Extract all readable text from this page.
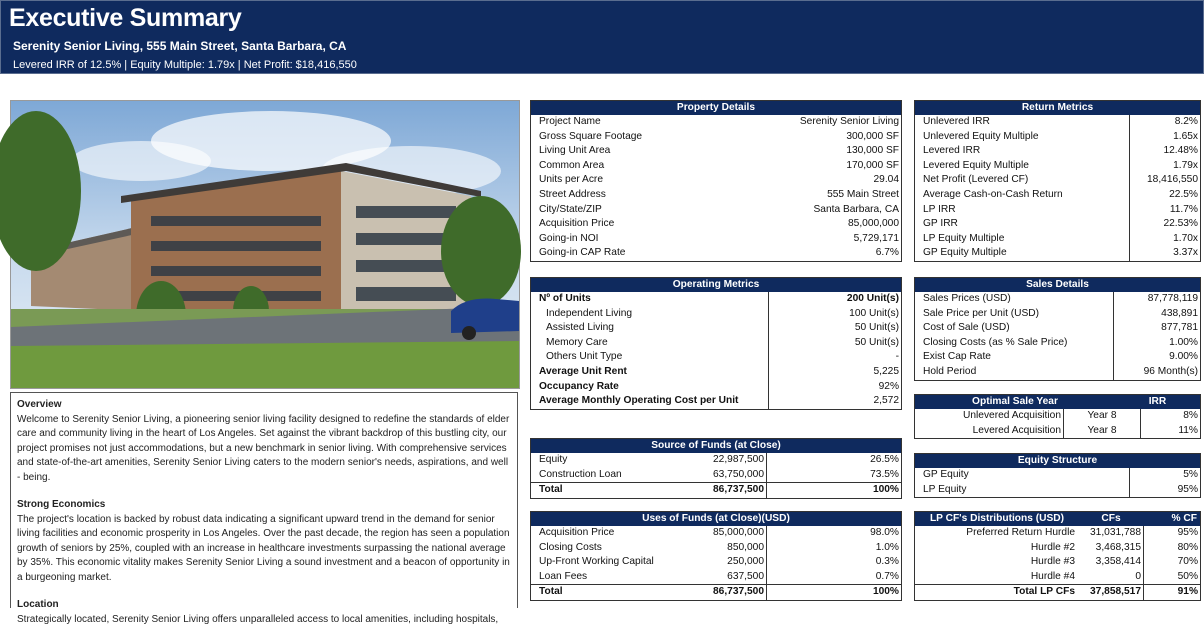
Executive Summary
Serenity Senior Living, 555 Main Street, Santa Barbara, CA
Levered IRR of 12.5% | Equity Multiple: 1.79x | Net Profit: $18,416,550
Overview

Welcome to Serenity Senior Living, a pioneering senior living facility designed to redefine the standards of elder care and community living in the heart of Los Angeles. Set against the vibrant backdrop of this bustling city, our project promises not just accommodations, but a new benchmark in senior living. With comprehensive services and state-of-the-art amenities, Serenity Senior Living caters to the modern senior's needs, aspirations, and well - being.

Strong Economics

The project's location is backed by robust data indicating a significant upward trend in the demand for senior living facilities and economic prosperity in Los Angeles. Over the past decade, the region has seen a population growth of seniors by 25%, coupled with an increase in healthcare investments surpassing the national average by 35%. This economic vitality makes Serenity Senior Living a sound investment and a beacon of opportunity in a burgeoning market.

Location

Strategically located, Serenity Senior Living offers unparalleled access to local amenities, including hospitals,

Property Details
Project Name	Serenity Senior Living
Gross Square Footage	300,000 SF
Living Unit Area	130,000 SF
Common Area	170,000 SF
Units per Acre	29.04
Street Address	555 Main Street
City/State/ZIP	Santa Barbara, CA
Acquisition Price	85,000,000
Going-in NOI	5,729,171
Going-in CAP Rate	6.7%
Return Metrics
Unlevered IRR	8.2%
Unlevered Equity Multiple	1.65x
Levered IRR	12.48%
Levered Equity Multiple	1.79x
Net Profit (Levered CF)	18,416,550
Average Cash-on-Cash Return	22.5%
LP IRR	11.7%
GP IRR	22.53%
LP Equity Multiple	1.70x
GP Equity Multiple	3.37x
Operating Metrics
Nº of Units	200 Unit(s)
Independent Living	100 Unit(s)
Assisted Living	50 Unit(s)
Memory Care	50 Unit(s)
Others Unit Type	-
Average Unit Rent	5,225
Occupancy Rate	92%
Average Monthly Operating Cost per Unit	2,572
Sales Details
Sales Prices (USD)	87,778,119
Sale Price per Unit (USD)	438,891
Cost of Sale (USD)	877,781
Closing Costs (as % Sale Price)	1.00%
Exist Cap Rate	9.00%
Hold Period	96 Month(s)
Optimal Sale Year	IRR
Unlevered Acquisition	Year 8	8%
Levered Acquisition	Year 8	11%
Source of Funds (at Close)
Equity	22,987,500	26.5%
Construction Loan	63,750,000	73.5%
Total	86,737,500	100%
Equity Structure
GP Equity	5%
LP Equity	95%
Uses of Funds (at Close)(USD)
Acquisition Price	85,000,000	98.0%
Closing Costs	850,000	1.0%
Up-Front Working Capital	250,000	0.3%
Loan Fees	637,500	0.7%
Total	86,737,500	100%
LP CF's Distributions (USD)	CFs	% CF
Preferred Return Hurdle	31,031,788	95%
Hurdle #2	3,468,315	80%
Hurdle #3	3,358,414	70%
Hurdle #4	0	50%
Total LP CFs	37,858,517	91%
